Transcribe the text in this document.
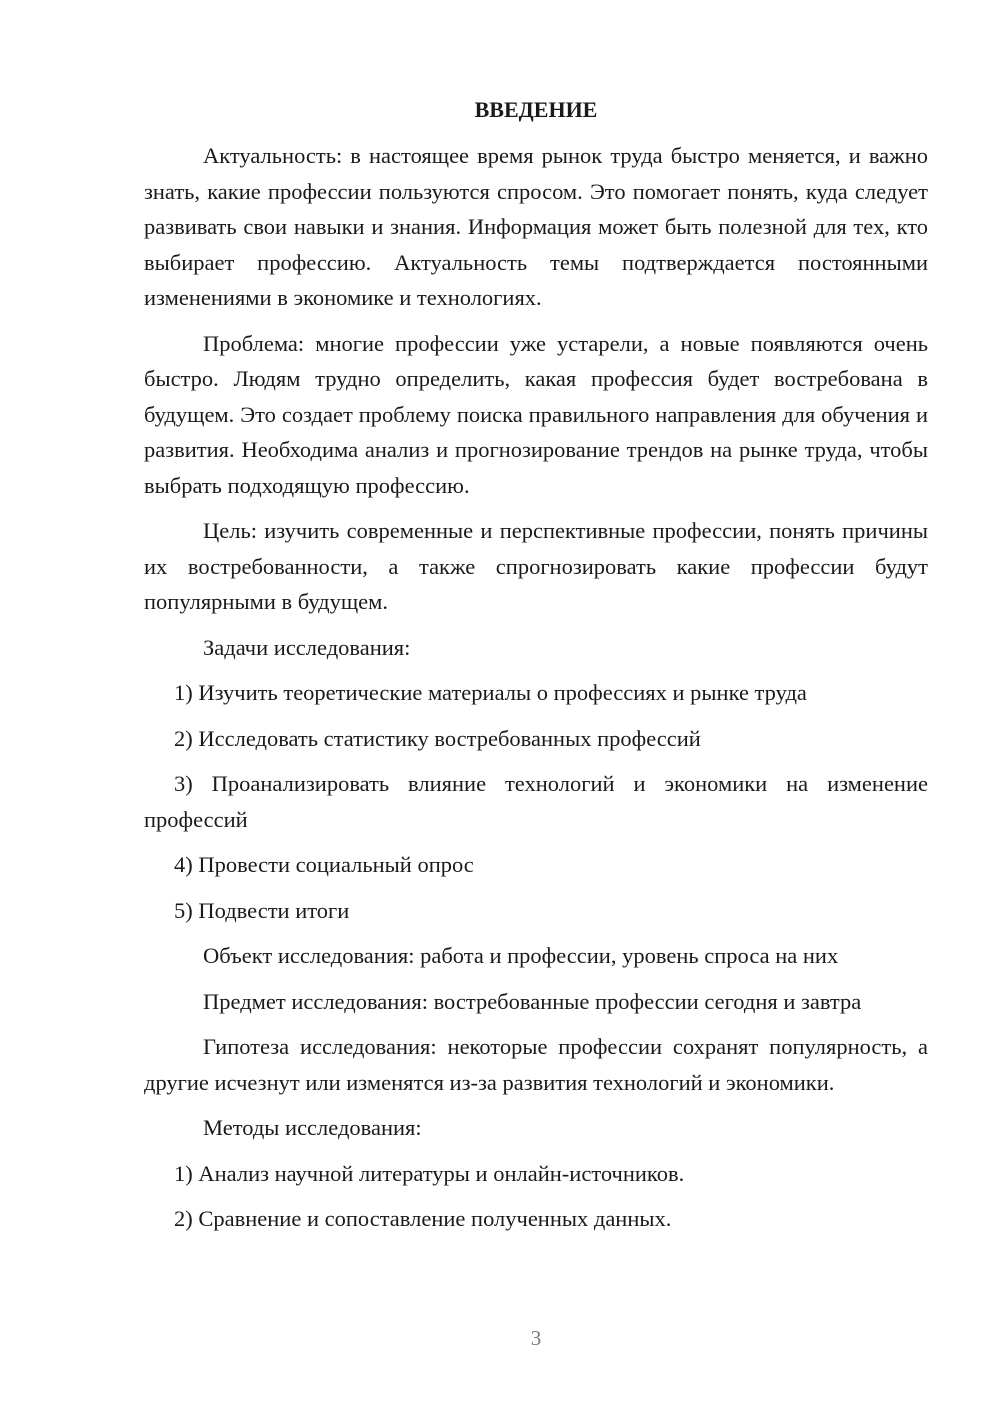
ВВЕДЕНИЕ

Актуальность: в настоящее время рынок труда быстро меняется, и важно знать, какие профессии пользуются спросом. Это помогает понять, куда следует развивать свои навыки и знания. Информация может быть полезной для тех, кто выбирает профессию. Актуальность темы подтверждается постоянными изменениями в экономике и технологиях.

Проблема: многие профессии уже устарели, а новые появляются очень быстро. Людям трудно определить, какая профессия будет востребована в будущем. Это создает проблему поиска правильного направления для обучения и развития. Необходима анализ и прогнозирование трендов на рынке труда, чтобы выбрать подходящую профессию.

Цель: изучить современные и перспективные профессии, понять причины их востребованности, а также спрогнозировать какие профессии будут популярными в будущем.

Задачи исследования:

1) Изучить теоретические материалы о профессиях и рынке труда

2) Исследовать статистику востребованных профессий

3) Проанализировать влияние технологий и экономики на изменение профессий

4) Провести социальный опрос

5) Подвести итоги

Объект исследования: работа и профессии, уровень спроса на них

Предмет исследования: востребованные профессии сегодня и завтра

Гипотеза исследования: некоторые профессии сохранят популярность, а другие исчезнут или изменятся из-за развития технологий и экономики.

Методы исследования:

1) Анализ научной литературы и онлайн-источников.

2) Сравнение и сопоставление полученных данных.

3
